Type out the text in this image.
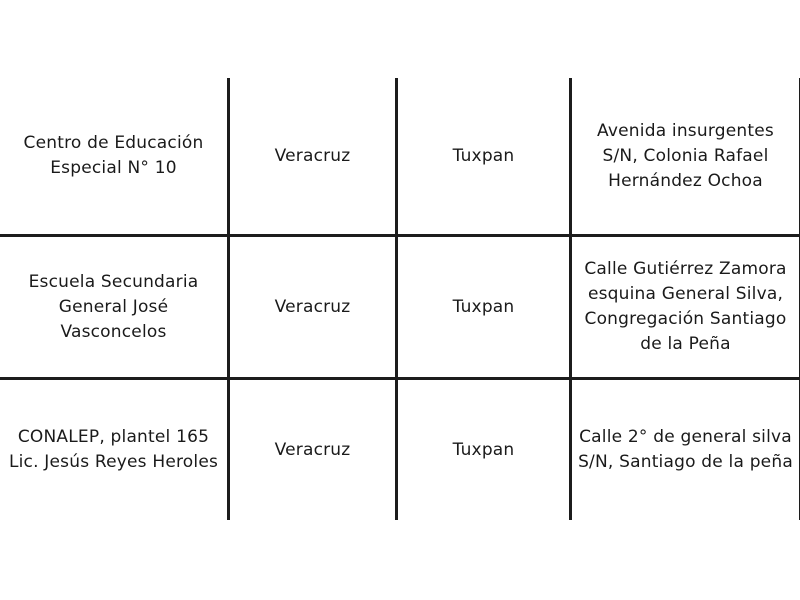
Centro de Educación
Especial N° 10	Veracruz	Tuxpan	Avenida insurgentes
S/N, Colonia Rafael
Hernández Ochoa	

Escuela Secundaria
General José
Vasconcelos	Veracruz	Tuxpan	Calle Gutiérrez Zamora
esquina General Silva,
Congregación Santiago
de la Peña	

CONALEP, plantel 165
Lic. Jesús Reyes Heroles	Veracruz	Tuxpan	Calle 2° de general silva
S/N, Santiago de la peña	
